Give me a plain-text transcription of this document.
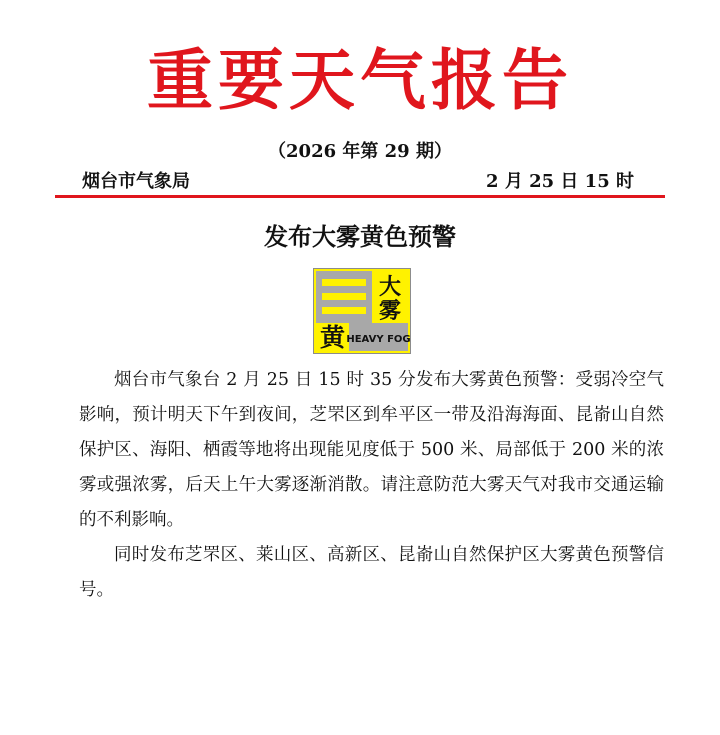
重要天气报告
（2026 年第 29 期）
烟台市气象局	2 月 25 日 15 时
发布大雾黄色预警
大
雾
黄 HEAVY FOG

烟台市气象台 2 月 25 日 15 时 35 分发布大雾黄色预警：受弱冷空气影响，预计明天下午到夜间，芝罘区到牟平区一带及沿海海面、昆嵛山自然保护区、海阳、栖霞等地将出现能见度低于 500 米、局部低于 200 米的浓雾或强浓雾，后天上午大雾逐渐消散。请注意防范大雾天气对我市交通运输的不利影响。

同时发布芝罘区、莱山区、高新区、昆嵛山自然保护区大雾黄色预警信号。
